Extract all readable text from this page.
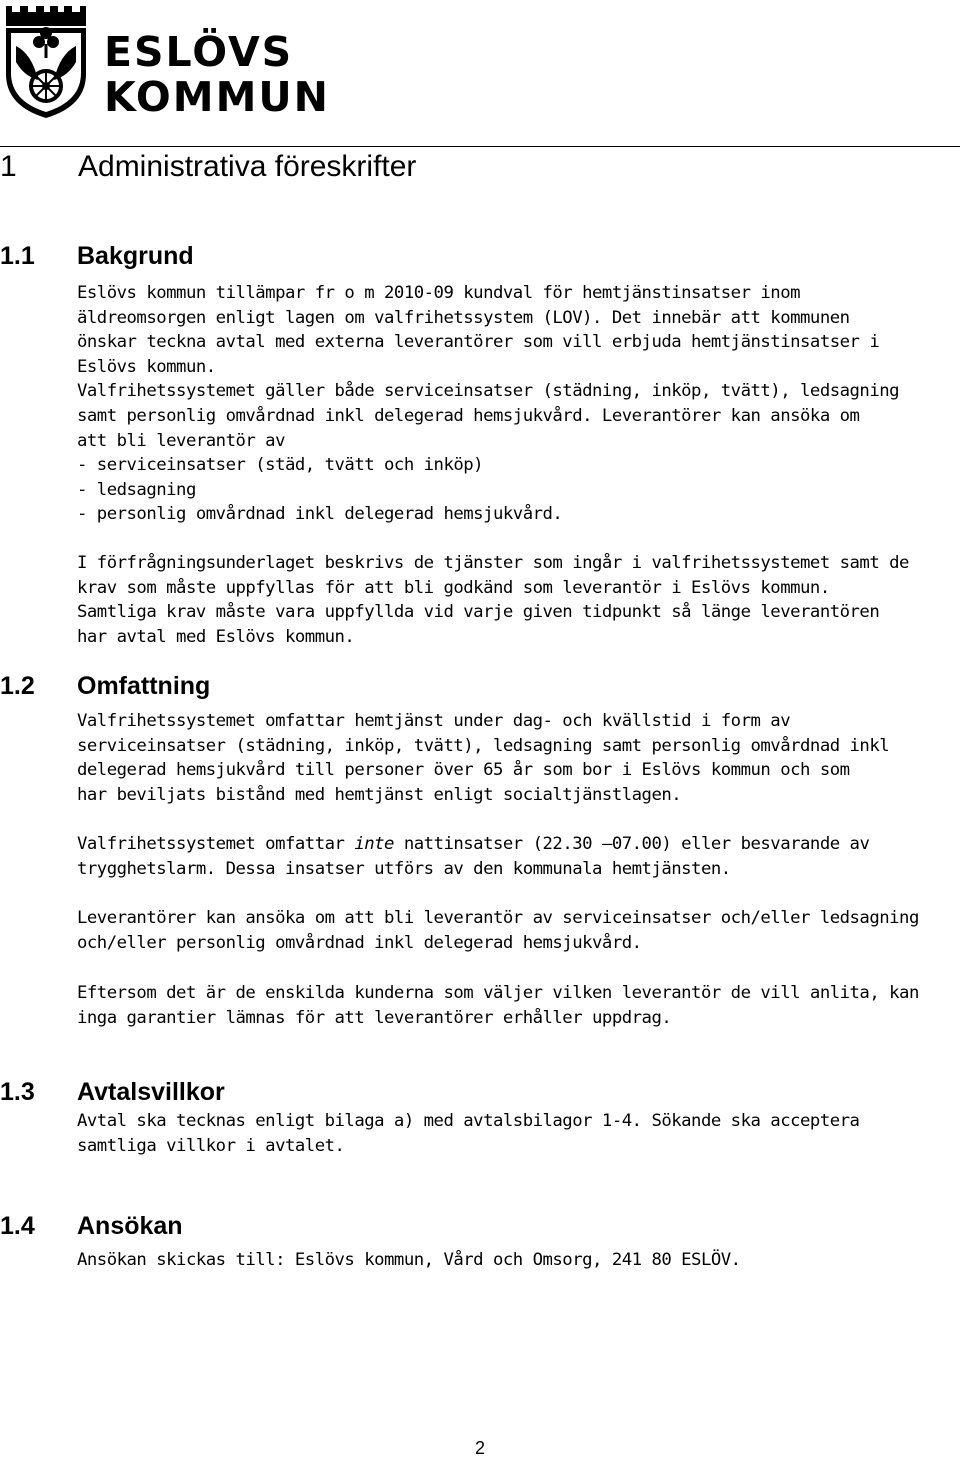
ESLÖVS
KOMMUN
1 Administrativa föreskrifter
1.1 Bakgrund

Eslövs kommun tillämpar fr o m 2010-09 kundval för hemtjänstinsatser inom
äldreomsorgen enligt lagen om valfrihetssystem (LOV). Det innebär att kommunen
önskar teckna avtal med externa leverantörer som vill erbjuda hemtjänstinsatser i
Eslövs kommun.
Valfrihetssystemet gäller både serviceinsatser (städning, inköp, tvätt), ledsagning
samt personlig omvårdnad inkl delegerad hemsjukvård. Leverantörer kan ansöka om
att bli leverantör av
- serviceinsatser (städ, tvätt och inköp)
- ledsagning
- personlig omvårdnad inkl delegerad hemsjukvård.

I förfrågningsunderlaget beskrivs de tjänster som ingår i valfrihetssystemet samt de
krav som måste uppfyllas för att bli godkänd som leverantör i Eslövs kommun.
Samtliga krav måste vara uppfyllda vid varje given tidpunkt så länge leverantören
har avtal med Eslövs kommun.

1.2 Omfattning

Valfrihetssystemet omfattar hemtjänst under dag- och kvällstid i form av
serviceinsatser (städning, inköp, tvätt), ledsagning samt personlig omvårdnad inkl
delegerad hemsjukvård till personer över 65 år som bor i Eslövs kommun och som
har beviljats bistånd med hemtjänst enligt socialtjänstlagen.

Valfrihetssystemet omfattar inte nattinsatser (22.30 —07.00) eller besvarande av
trygghetslarm. Dessa insatser utförs av den kommunala hemtjänsten.

Leverantörer kan ansöka om att bli leverantör av serviceinsatser och/eller ledsagning
och/eller personlig omvårdnad inkl delegerad hemsjukvård.

Eftersom det är de enskilda kunderna som väljer vilken leverantör de vill anlita, kan
inga garantier lämnas för att leverantörer erhåller uppdrag.

1.3 Avtalsvillkor

Avtal ska tecknas enligt bilaga a) med avtalsbilagor 1-4. Sökande ska acceptera
samtliga villkor i avtalet.

1.4 Ansökan

Ansökan skickas till: Eslövs kommun, Vård och Omsorg, 241 80 ESLÖV.

2
